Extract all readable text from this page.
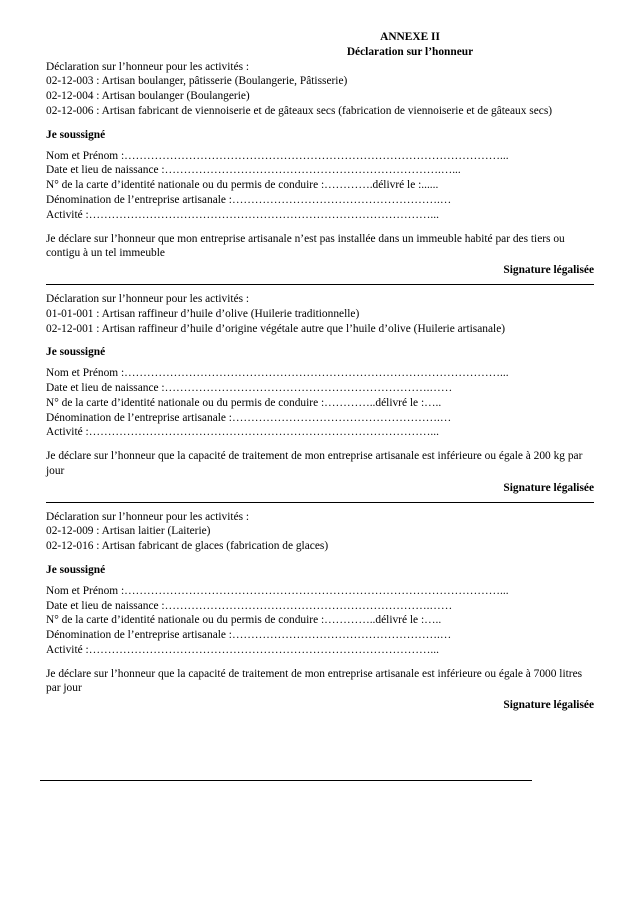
ANNEXE II

Déclaration sur l’honneur

Déclaration sur l’honneur pour les activités :

02-12-003 : Artisan boulanger, pâtisserie (Boulangerie, Pâtisserie)

02-12-004 : Artisan boulanger (Boulangerie)

02-12-006 : Artisan fabricant de viennoiserie et de gâteaux secs (fabrication de viennoiserie et de gâteaux secs)

Je soussigné

Nom et Prénom :………………………………………………………………………………………...

Date et lieu de naissance :……………………………………………………………….…...

N° de la carte d’identité nationale ou du permis de conduire :………….délivré le :......

Dénomination de l’entreprise artisanale :……………………………………………….…

Activité :………………………………………………………………………………...

Je déclare sur l’honneur que mon entreprise artisanale n’est pas installée dans un immeuble habité par des tiers ou contigu à un tel immeuble

Signature légalisée

Déclaration sur l’honneur pour les activités :

01-01-001 : Artisan raffineur d’huile d’olive (Huilerie traditionnelle)

02-12-001 : Artisan raffineur d’huile d’origine végétale autre que l’huile d’olive (Huilerie artisanale)

Je soussigné

Nom et Prénom :………………………………………………………………………………………...

Date et lieu de naissance :…………………………………………………………….……

N° de la carte d’identité nationale ou du permis de conduire :…………..délivré le :…..

Dénomination de l’entreprise artisanale :……………………………………………….…

Activité :………………………………………………………………………………...

Je déclare sur l’honneur que la capacité de traitement de mon entreprise artisanale est inférieure ou égale à 200 kg par jour

Signature légalisée

Déclaration sur l’honneur pour les activités :

02-12-009 : Artisan laitier (Laiterie)

02-12-016 : Artisan fabricant de glaces (fabrication de glaces)

Je soussigné

Nom et Prénom :………………………………………………………………………………………...

Date et lieu de naissance :…………………………………………………………….……

N° de la carte d’identité nationale ou du permis de conduire :…………..délivré le :…..

Dénomination de l’entreprise artisanale :……………………………………………….…

Activité :………………………………………………………………………………...

Je déclare sur l’honneur que la capacité de traitement de mon entreprise artisanale est inférieure ou égale à 7000 litres par jour

Signature légalisée
